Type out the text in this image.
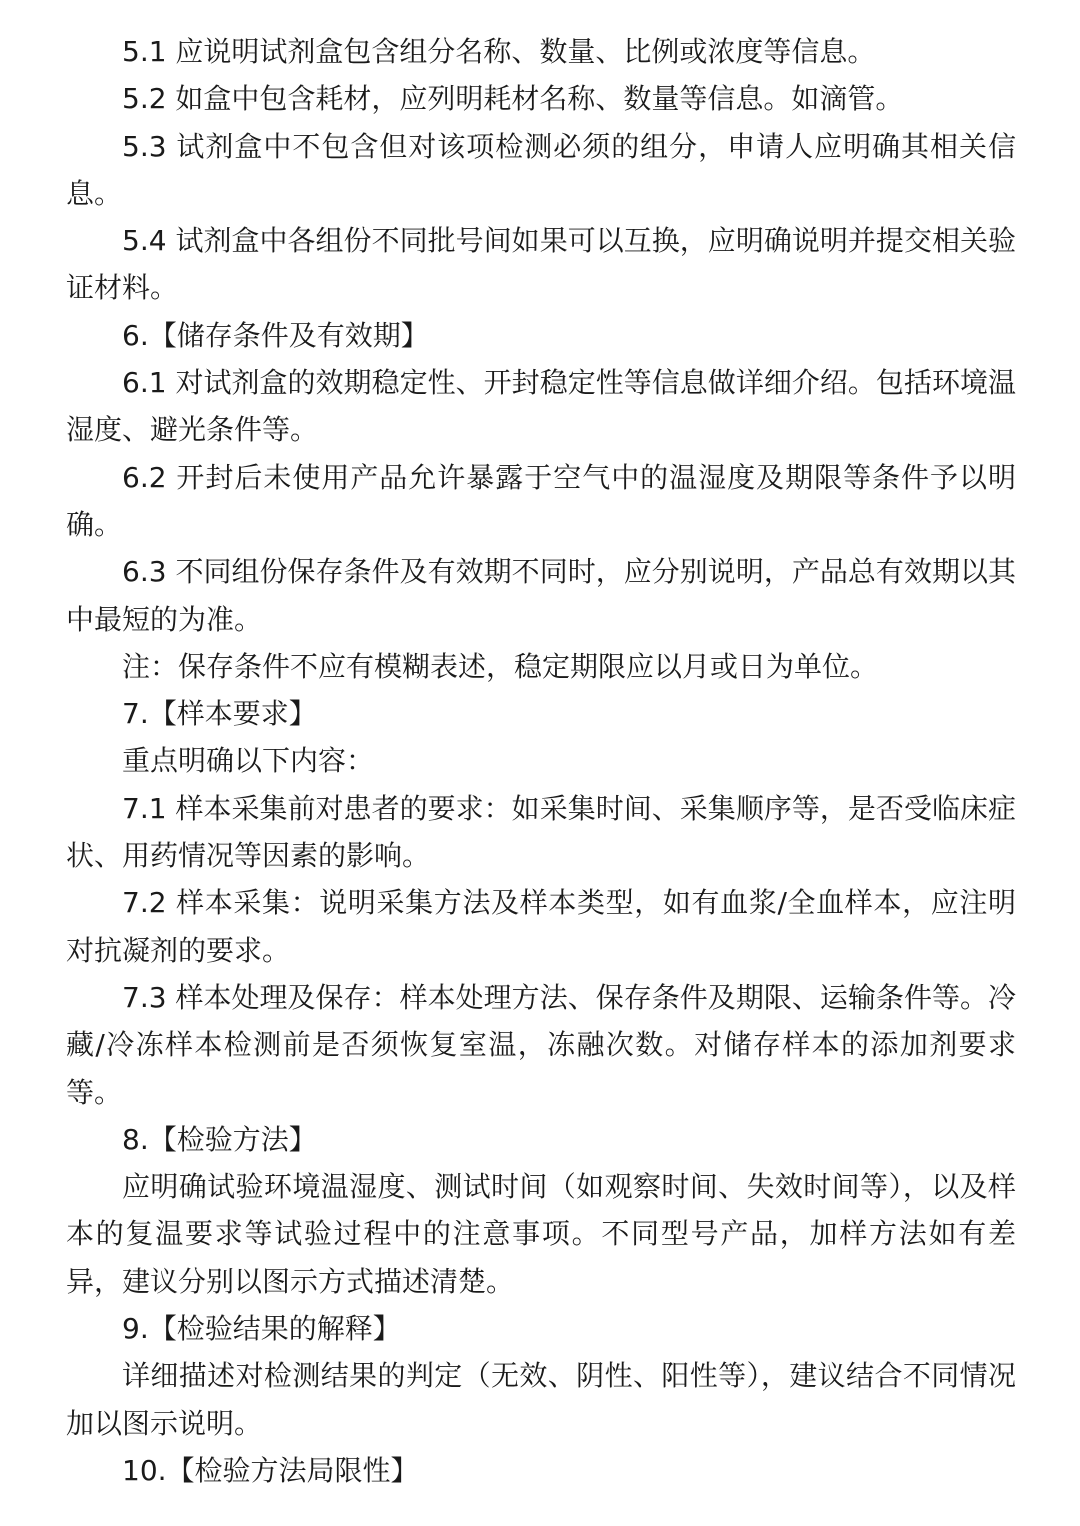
5.1 应说明试剂盒包含组分名称、数量、比例或浓度等信息。

5.2 如盒中包含耗材，应列明耗材名称、数量等信息。如滴管。

5.3 试剂盒中不包含但对该项检测必须的组分，申请人应明确其相关信息。

5.4 试剂盒中各组份不同批号间如果可以互换，应明确说明并提交相关验证材料。

6.【储存条件及有效期】

6.1 对试剂盒的效期稳定性、开封稳定性等信息做详细介绍。包括环境温湿度、避光条件等。

6.2 开封后未使用产品允许暴露于空气中的温湿度及期限等条件予以明确。

6.3 不同组份保存条件及有效期不同时，应分别说明，产品总有效期以其中最短的为准。

注：保存条件不应有模糊表述，稳定期限应以月或日为单位。

7.【样本要求】

重点明确以下内容：

7.1 样本采集前对患者的要求：如采集时间、采集顺序等，是否受临床症状、用药情况等因素的影响。

7.2 样本采集：说明采集方法及样本类型，如有血浆/全血样本，应注明对抗凝剂的要求。

7.3 样本处理及保存：样本处理方法、保存条件及期限、运输条件等。冷藏/冷冻样本检测前是否须恢复室温，冻融次数。对储存样本的添加剂要求等。

8.【检验方法】

应明确试验环境温湿度、测试时间（如观察时间、失效时间等），以及样本的复温要求等试验过程中的注意事项。不同型号产品，加样方法如有差异，建议分别以图示方式描述清楚。

9.【检验结果的解释】

详细描述对检测结果的判定（无效、阴性、阳性等），建议结合不同情况加以图示说明。

10.【检验方法局限性】
